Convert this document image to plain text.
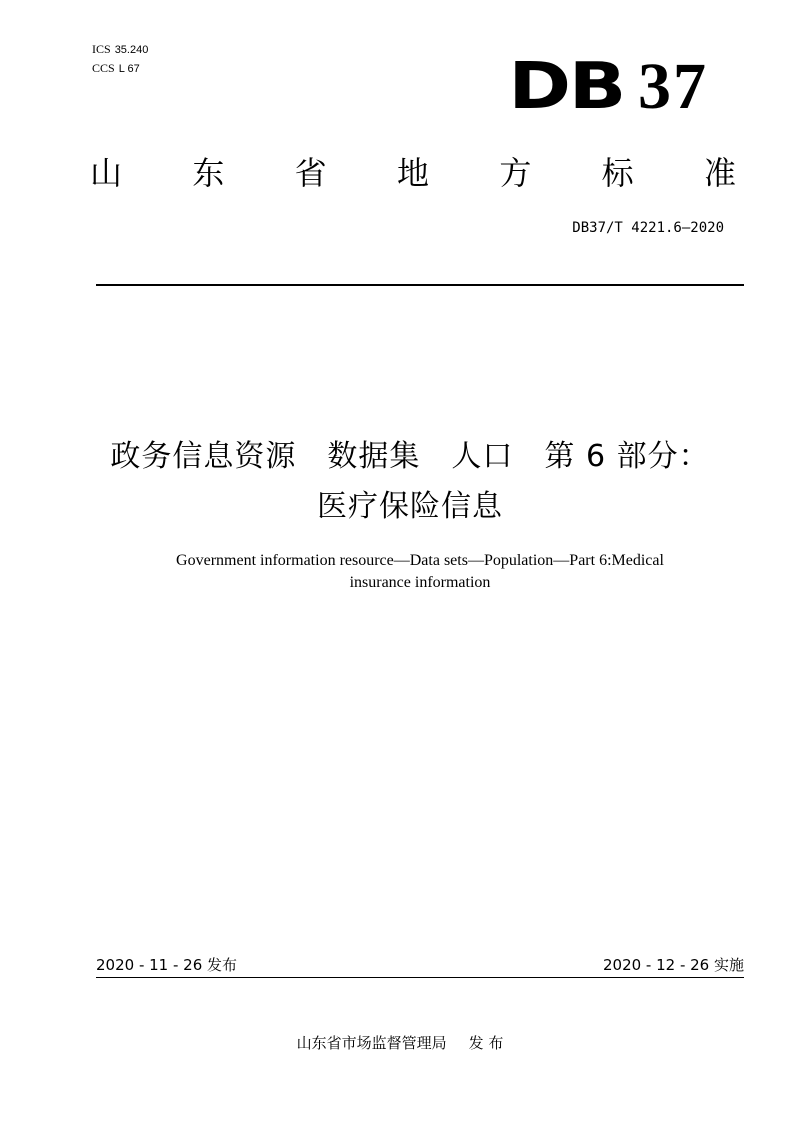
ICS 35.240
CCS L 67	DB 37
山 东 省 地 方 标 准
DB37/T 4221.6—2020
政务信息资源　数据集　人口　第 6 部分：
医疗保险信息
Government information resource—Data sets—Population—Part 6:Medical
insurance information
2020 - 11 - 26 发布	2020 - 12 - 26 实施
山东省市场监督管理局 发 布
